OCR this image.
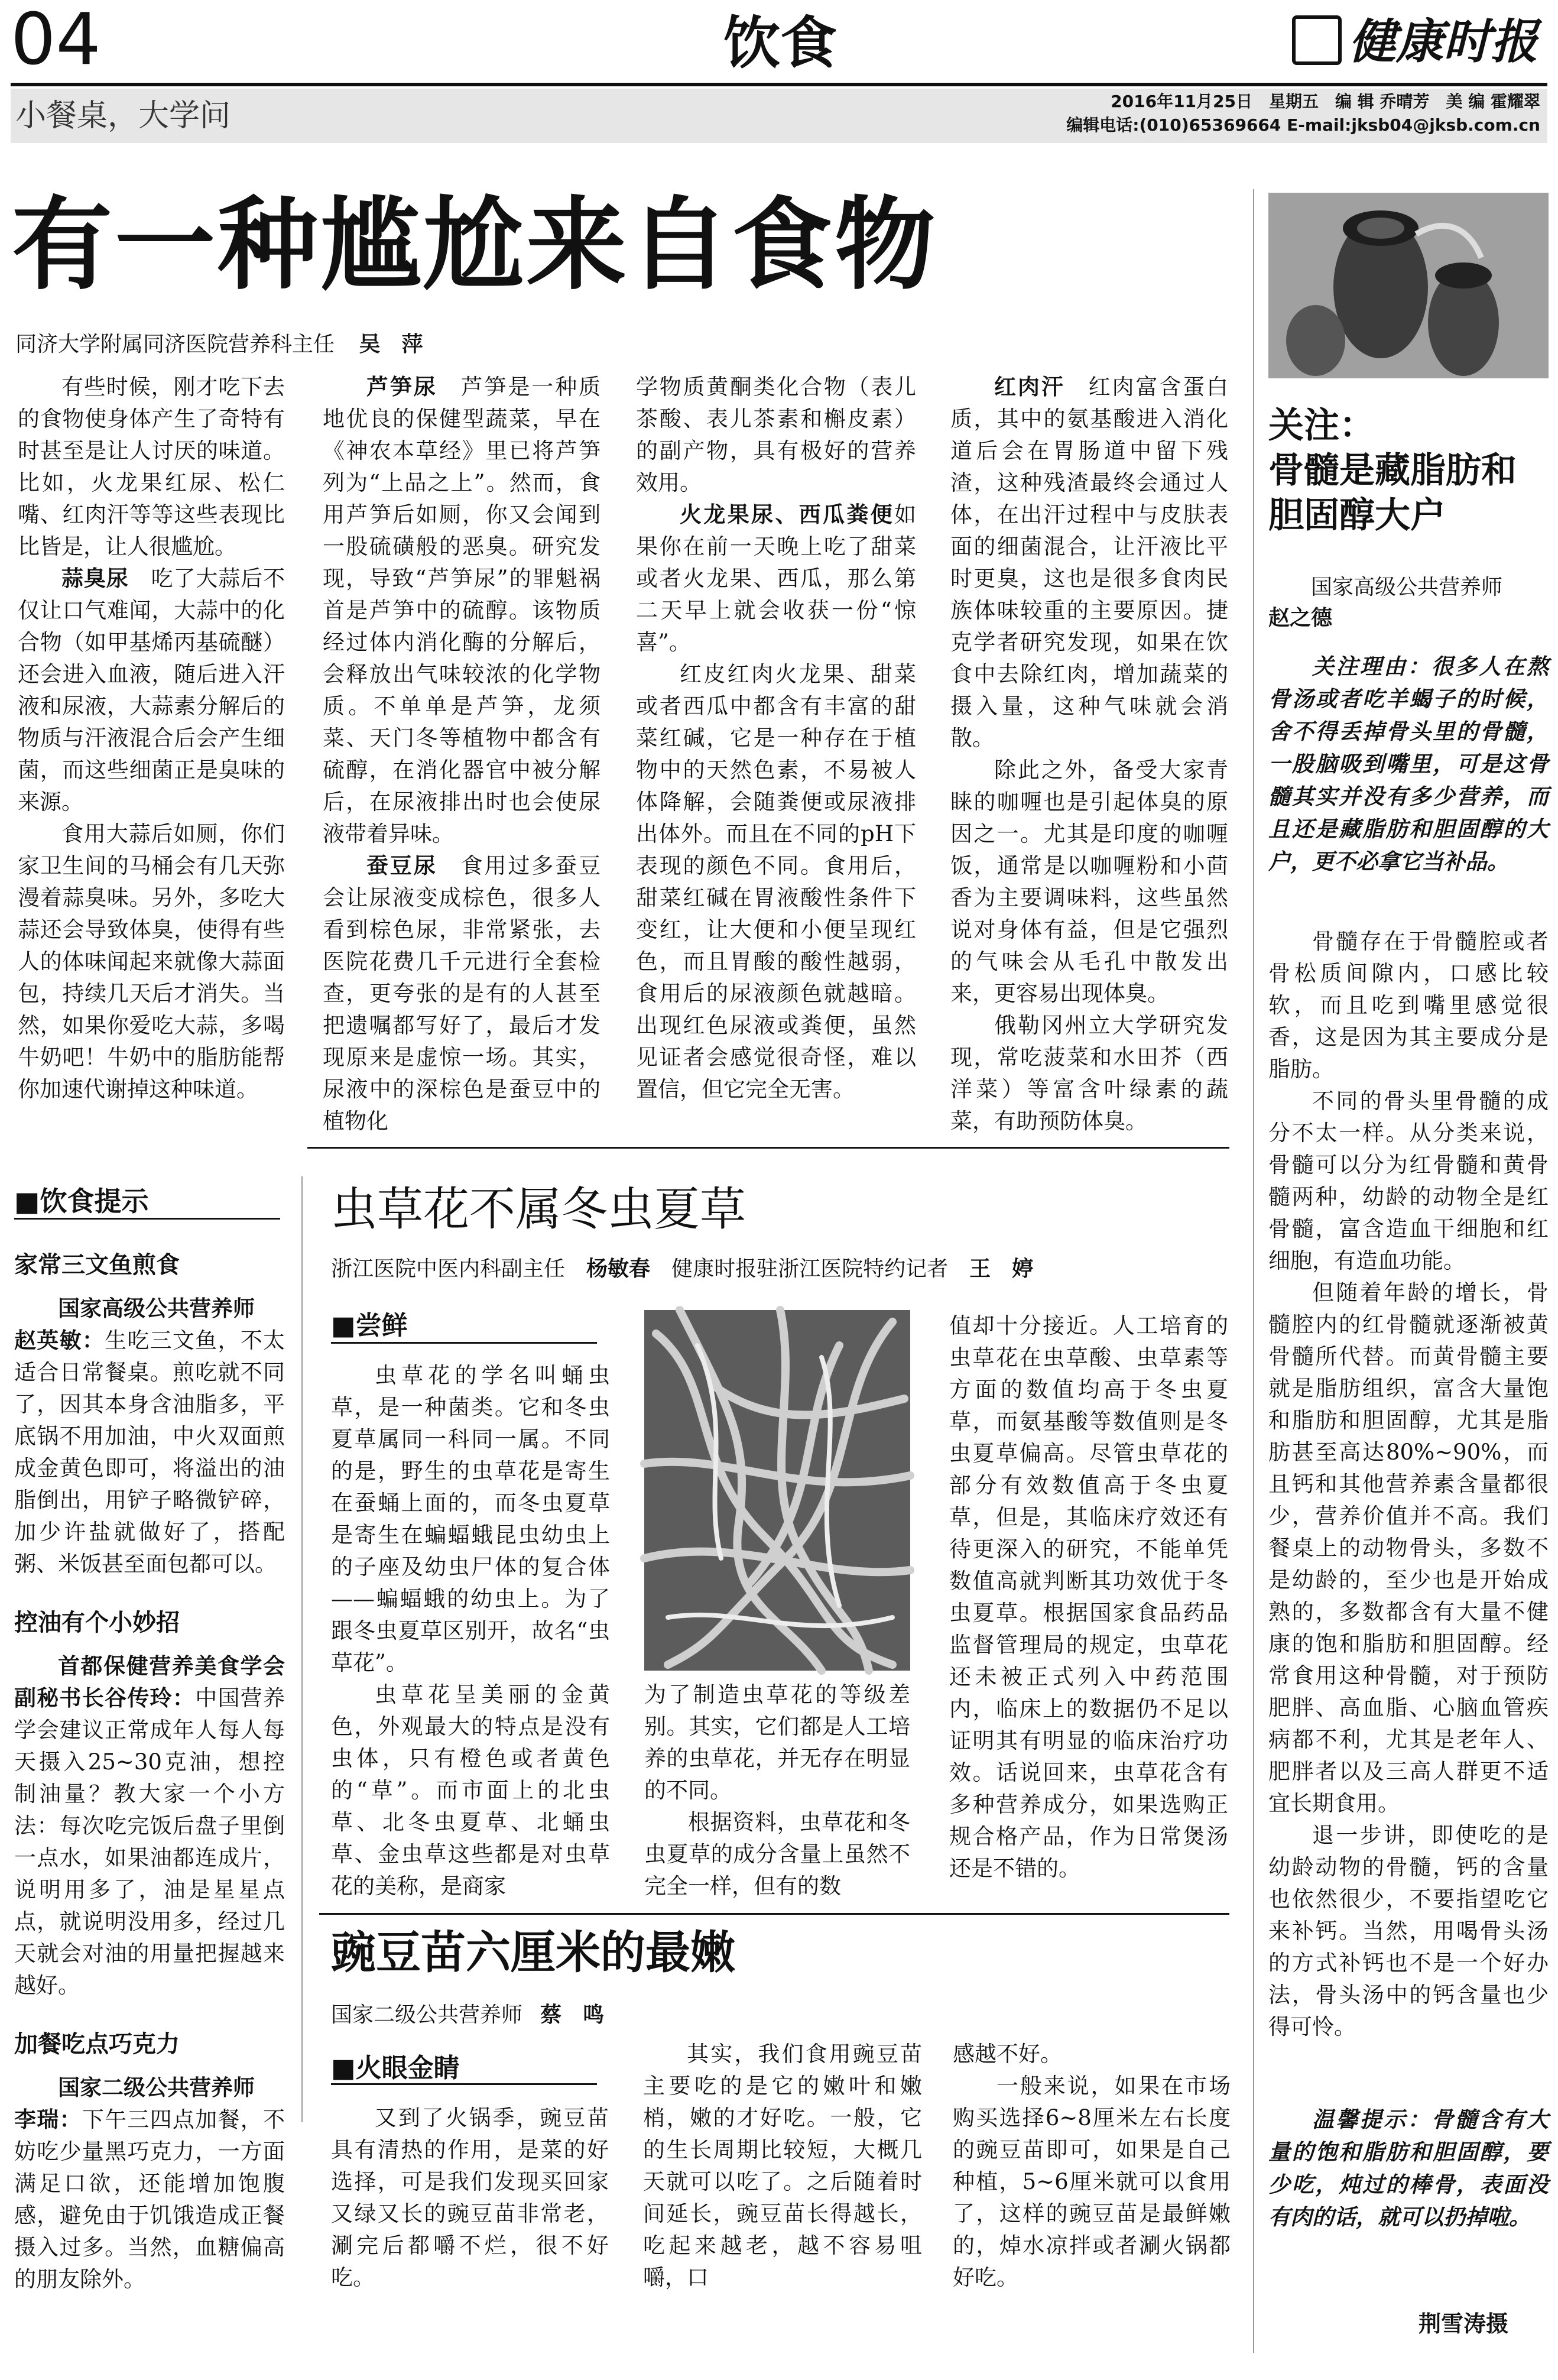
04	饮食	健康时报
小餐桌，大学问	2016年11月25日　星期五　编 辑 乔晴芳　美 编 霍耀翠
编辑电话:(010)65369664 E-mail:jksb04@jksb.com.cn
有一种尴尬来自食物
同济大学附属同济医院营养科主任 吴　萍

有些时候，刚才吃下去的食物使身体产生了奇特有时甚至是让人讨厌的味道。比如，火龙果红尿、松仁嘴、红肉汗等等这些表现比比皆是，让人很尴尬。

蒜臭尿　 吃了大蒜后不仅让口气难闻，大蒜中的化合物（如甲基烯丙基硫醚）还会进入血液，随后进入汗液和尿液，大蒜素分解后的物质与汗液混合后会产生细菌，而这些细菌正是臭味的来源。

食用大蒜后如厕，你们家卫生间的马桶会有几天弥漫着蒜臭味。另外，多吃大蒜还会导致体臭，使得有些人的体味闻起来就像大蒜面包，持续几天后才消失。当然，如果你爱吃大蒜，多喝牛奶吧！牛奶中的脂肪能帮你加速代谢掉这种味道。

芦笋尿　 芦笋是一种质地优良的保健型蔬菜，早在《神农本草经》里已将芦笋列为“上品之上”。然而，食用芦笋后如厕，你又会闻到一股硫磺般的恶臭。研究发现，导致“芦笋尿”的罪魁祸首是芦笋中的硫醇。该物质经过体内消化酶的分解后，会释放出气味较浓的化学物质。不单单是芦笋，龙须菜、天门冬等植物中都含有硫醇，在消化器官中被分解后，在尿液排出时也会使尿液带着异味。

蚕豆尿　 食用过多蚕豆会让尿液变成棕色，很多人看到棕色尿，非常紧张，去医院花费几千元进行全套检查，更夸张的是有的人甚至把遗嘱都写好了，最后才发现原来是虚惊一场。其实，尿液中的深棕色是蚕豆中的植物化

学物质黄酮类化合物（表儿茶酸、表儿茶素和槲皮素）的副产物，具有极好的营养效用。

火龙果尿、西瓜粪便如果你在前一天晚上吃了甜菜或者火龙果、西瓜，那么第二天早上就会收获一份“惊喜”。

红皮红肉火龙果、甜菜或者西瓜中都含有丰富的甜菜红碱，它是一种存在于植物中的天然色素，不易被人体降解，会随粪便或尿液排出体外。而且在不同的pH下表现的颜色不同。食用后，甜菜红碱在胃液酸性条件下变红，让大便和小便呈现红色，而且胃酸的酸性越弱，食用后的尿液颜色就越暗。出现红色尿液或粪便，虽然见证者会感觉很奇怪，难以置信，但它完全无害。

红肉汗　 红肉富含蛋白质，其中的氨基酸进入消化道后会在胃肠道中留下残渣，这种残渣最终会通过人体，在出汗过程中与皮肤表面的细菌混合，让汗液比平时更臭，这也是很多食肉民族体味较重的主要原因。捷克学者研究发现，如果在饮食中去除红肉，增加蔬菜的摄入量，这种气味就会消散。

除此之外，备受大家青睐的咖喱也是引起体臭的原因之一。尤其是印度的咖喱饭，通常是以咖喱粉和小茴香为主要调味料，这些虽然说对身体有益，但是它强烈的气味会从毛孔中散发出来，更容易出现体臭。

俄勒冈州立大学研究发现，常吃菠菜和水田芥（西洋菜）等富含叶绿素的蔬菜，有助预防体臭。

■饮食提示
家常三文鱼煎食

国家高级公共营养师

赵英敏：生吃三文鱼，不太适合日常餐桌。煎吃就不同了，因其本身含油脂多，平底锅不用加油，中火双面煎成金黄色即可，将溢出的油脂倒出，用铲子略微铲碎，加少许盐就做好了，搭配粥、米饭甚至面包都可以。

控油有个小妙招

首都保健营养美食学会副秘书长谷传玲：中国营养学会建议正常成年人每人每天摄入25~30克油，想控制油量？教大家一个小方法：每次吃完饭后盘子里倒一点水，如果油都连成片，说明用多了，油是星星点点，就说明没用多，经过几天就会对油的用量把握越来越好。

加餐吃点巧克力

国家二级公共营养师

李瑞：下午三四点加餐，不妨吃少量黑巧克力，一方面满足口欲，还能增加饱腹感，避免由于饥饿造成正餐摄入过多。当然，血糖偏高的朋友除外。

虫草花不属冬虫夏草
浙江医院中医内科副主任　 杨敏春　 健康时报驻浙江医院特约记者　 王　婷
■尝鲜

虫草花的学名叫蛹虫草，是一种菌类。它和冬虫夏草属同一科同一属。不同的是，野生的虫草花是寄生在蚕蛹上面的，而冬虫夏草是寄生在蝙蝠蛾昆虫幼虫上的子座及幼虫尸体的复合体——蝙蝠蛾的幼虫上。为了跟冬虫夏草区别开，故名“虫草花”。

虫草花呈美丽的金黄色，外观最大的特点是没有虫体，只有橙色或者黄色的“草”。而市面上的北虫草、北冬虫夏草、北蛹虫草、金虫草这些都是对虫草花的美称，是商家

为了制造虫草花的等级差别。其实，它们都是人工培养的虫草花，并无存在明显的不同。

根据资料，虫草花和冬虫夏草的成分含量上虽然不完全一样，但有的数

值却十分接近。人工培育的虫草花在虫草酸、虫草素等方面的数值均高于冬虫夏草，而氨基酸等数值则是冬虫夏草偏高。尽管虫草花的部分有效数值高于冬虫夏草，但是，其临床疗效还有待更深入的研究，不能单凭数值高就判断其功效优于冬虫夏草。根据国家食品药品监督管理局的规定，虫草花还未被正式列入中药范围内，临床上的数据仍不足以证明其有明显的临床治疗功效。话说回来，虫草花含有多种营养成分，如果选购正规合格产品，作为日常煲汤还是不错的。

豌豆苗六厘米的最嫩
国家二级公共营养师 蔡　鸣
■火眼金睛

又到了火锅季，豌豆苗具有清热的作用，是菜的好选择，可是我们发现买回家又绿又长的豌豆苗非常老，涮完后都嚼不烂，很不好吃。

其实，我们食用豌豆苗主要吃的是它的嫩叶和嫩梢，嫩的才好吃。一般，它的生长周期比较短，大概几天就可以吃了。之后随着时间延长，豌豆苗长得越长，吃起来越老，越不容易咀嚼，口

感越不好。

一般来说，如果在市场购买选择6~8厘米左右长度的豌豆苗即可，如果是自己种植，5~6厘米就可以食用了，这样的豌豆苗是最鲜嫩的，焯水凉拌或者涮火锅都好吃。

关注：
骨髓是藏脂肪和胆固醇大户
国家高级公共营养师
赵之德

关注理由：很多人在熬骨汤或者吃羊蝎子的时候，舍不得丢掉骨头里的骨髓，一股脑吸到嘴里，可是这骨髓其实并没有多少营养，而且还是藏脂肪和胆固醇的大户，更不必拿它当补品。

骨髓存在于骨髓腔或者骨松质间隙内，口感比较软，而且吃到嘴里感觉很香，这是因为其主要成分是脂肪。

不同的骨头里骨髓的成分不太一样。从分类来说，骨髓可以分为红骨髓和黄骨髓两种，幼龄的动物全是红骨髓，富含造血干细胞和红细胞，有造血功能。

但随着年龄的增长，骨髓腔内的红骨髓就逐渐被黄骨髓所代替。而黄骨髓主要就是脂肪组织，富含大量饱和脂肪和胆固醇，尤其是脂肪甚至高达80%~90%，而且钙和其他营养素含量都很少，营养价值并不高。我们餐桌上的动物骨头，多数不是幼龄的，至少也是开始成熟的，多数都含有大量不健康的饱和脂肪和胆固醇。经常食用这种骨髓，对于预防肥胖、高血脂、心脑血管疾病都不利，尤其是老年人、肥胖者以及三高人群更不适宜长期食用。

退一步讲，即使吃的是幼龄动物的骨髓，钙的含量也依然很少，不要指望吃它来补钙。当然，用喝骨头汤的方式补钙也不是一个好办法，骨头汤中的钙含量也少得可怜。

温馨提示：骨髓含有大量的饱和脂肪和胆固醇，要少吃，炖过的棒骨，表面没有肉的话，就可以扔掉啦。

荆雪涛摄
